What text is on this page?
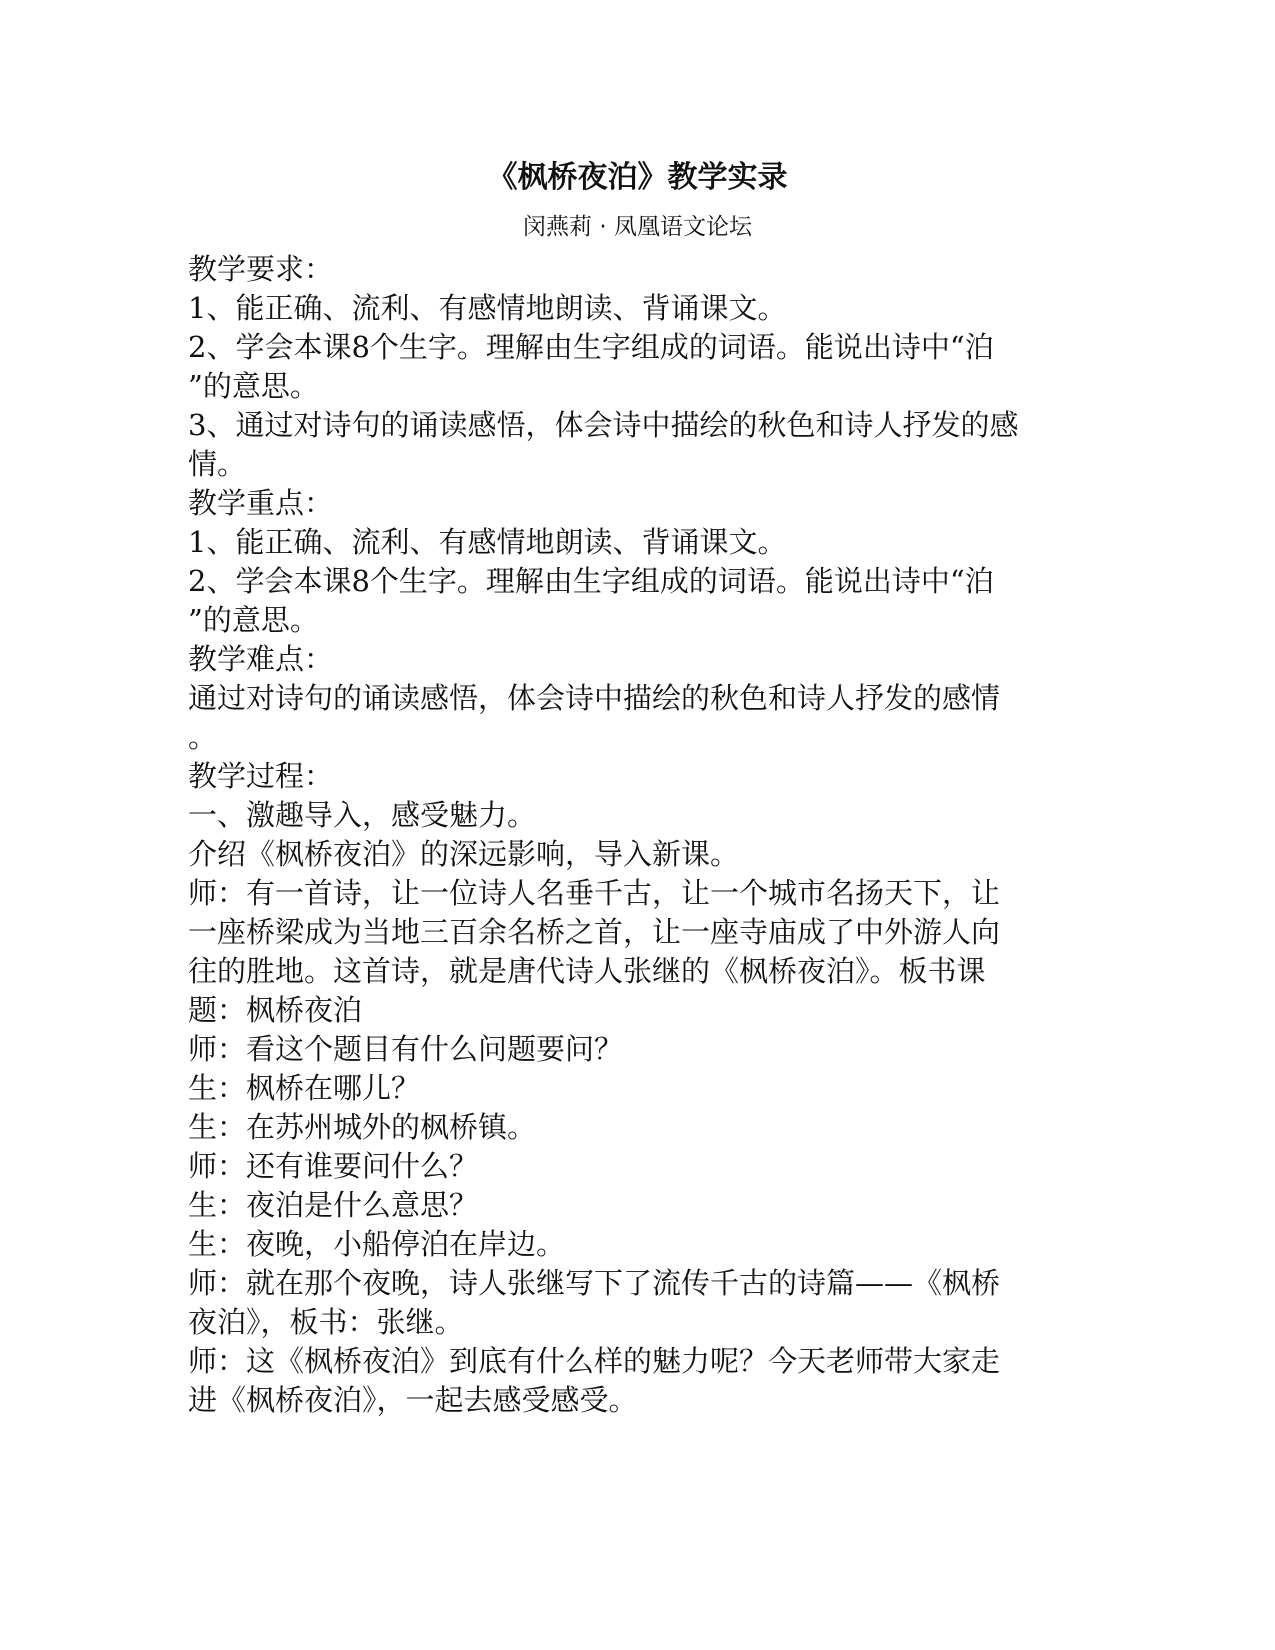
《枫桥夜泊》教学实录

闵燕莉 · 凤凰语文论坛

教学要求：

1、能正确、流利、有感情地朗读、背诵课文。

2、学会本课8个生字。理解由生字组成的词语。能说出诗中“泊

”的意思。

3、通过对诗句的诵读感悟，体会诗中描绘的秋色和诗人抒发的感

情。

教学重点：

1、能正确、流利、有感情地朗读、背诵课文。

2、学会本课8个生字。理解由生字组成的词语。能说出诗中“泊

”的意思。

教学难点：

通过对诗句的诵读感悟，体会诗中描绘的秋色和诗人抒发的感情

。

教学过程：

一、激趣导入，感受魅力。

介绍《枫桥夜泊》的深远影响，导入新课。

师：有一首诗，让一位诗人名垂千古，让一个城市名扬天下，让

一座桥梁成为当地三百余名桥之首，让一座寺庙成了中外游人向

往的胜地。这首诗，就是唐代诗人张继的《枫桥夜泊》。板书课

题：枫桥夜泊

师：看这个题目有什么问题要问？

生：枫桥在哪儿？

生：在苏州城外的枫桥镇。

师：还有谁要问什么？

生：夜泊是什么意思？

生：夜晚，小船停泊在岸边。

师：就在那个夜晚，诗人张继写下了流传千古的诗篇——《枫桥

夜泊》，板书：张继。

师：这《枫桥夜泊》到底有什么样的魅力呢？今天老师带大家走

进《枫桥夜泊》，一起去感受感受。
